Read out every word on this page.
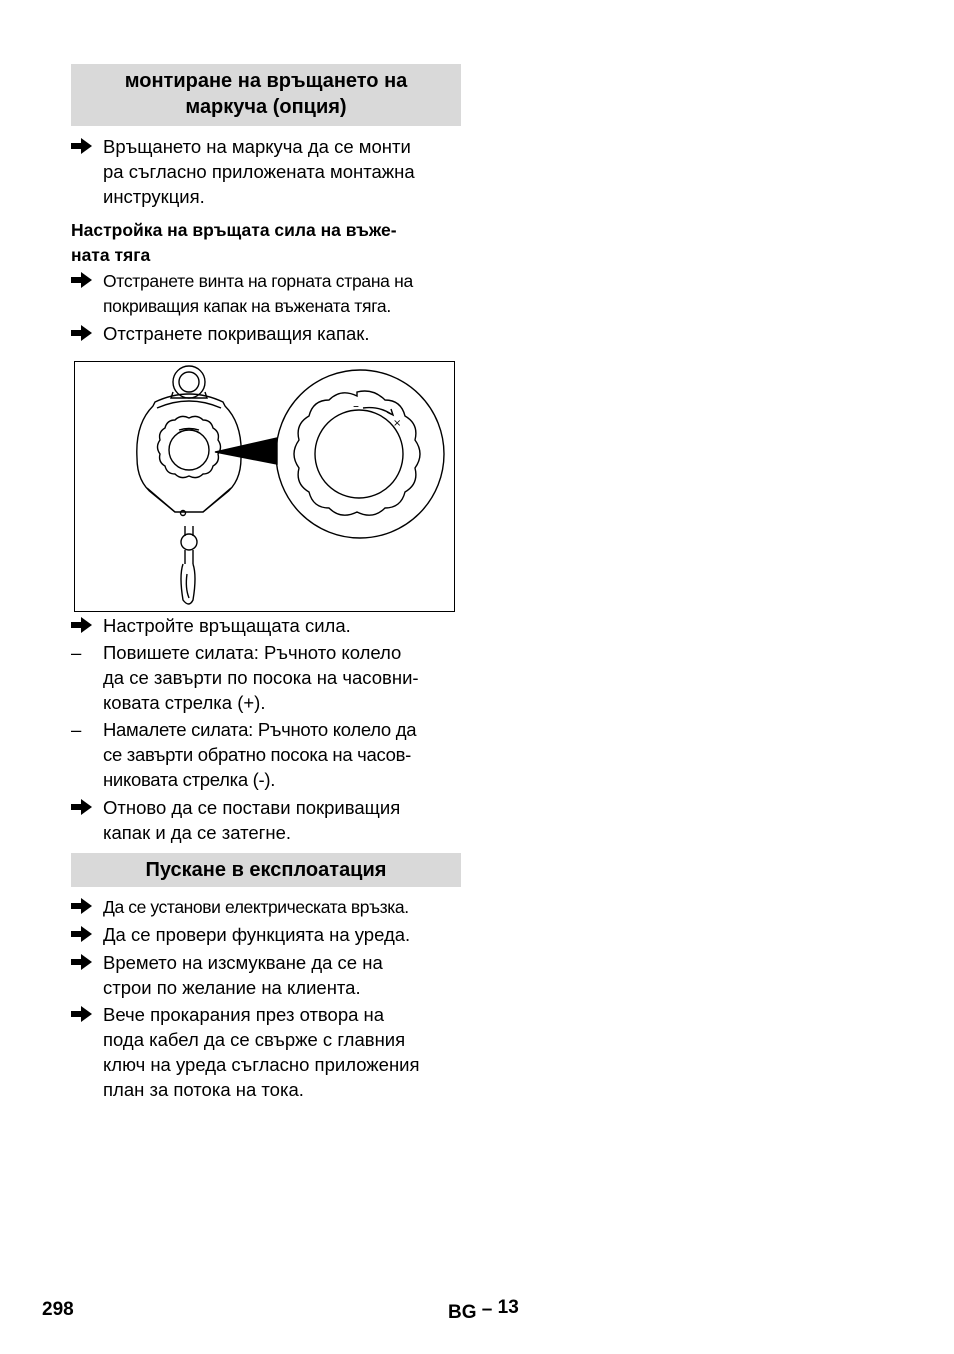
монтиране на връщането на
маркуча (опция)
Връщането на маркуча да се монти
ра съгласно приложената монтажна
инструкция.
Настройка на връщата сила на въже-
ната тяга
Отстранете винта на горната страна на
покриващия капак на въжената тяга.
Отстранете покриващия капак.
–
×
Настройте връщащата сила.
–	Повишете силата: Ръчното колело
да се завърти по посока на часовни-
ковата стрелка (+).
–	Намалете силата: Ръчното колело да
се завърти обратно посока на часов-
никовата стрелка (-).
Отново да се постави покриващия
капак и да се затегне.
Пускане в експлоатация
Да се установи електрическата връзка.
Да се провери функцията на уреда.
Времето на изсмукване да се на
строи по желание на клиента.
Вече прокарания през отвора на
пода кабел да се свърже с главния
ключ на уреда съгласно приложения
план за потока на тока.
298	BG – 13
